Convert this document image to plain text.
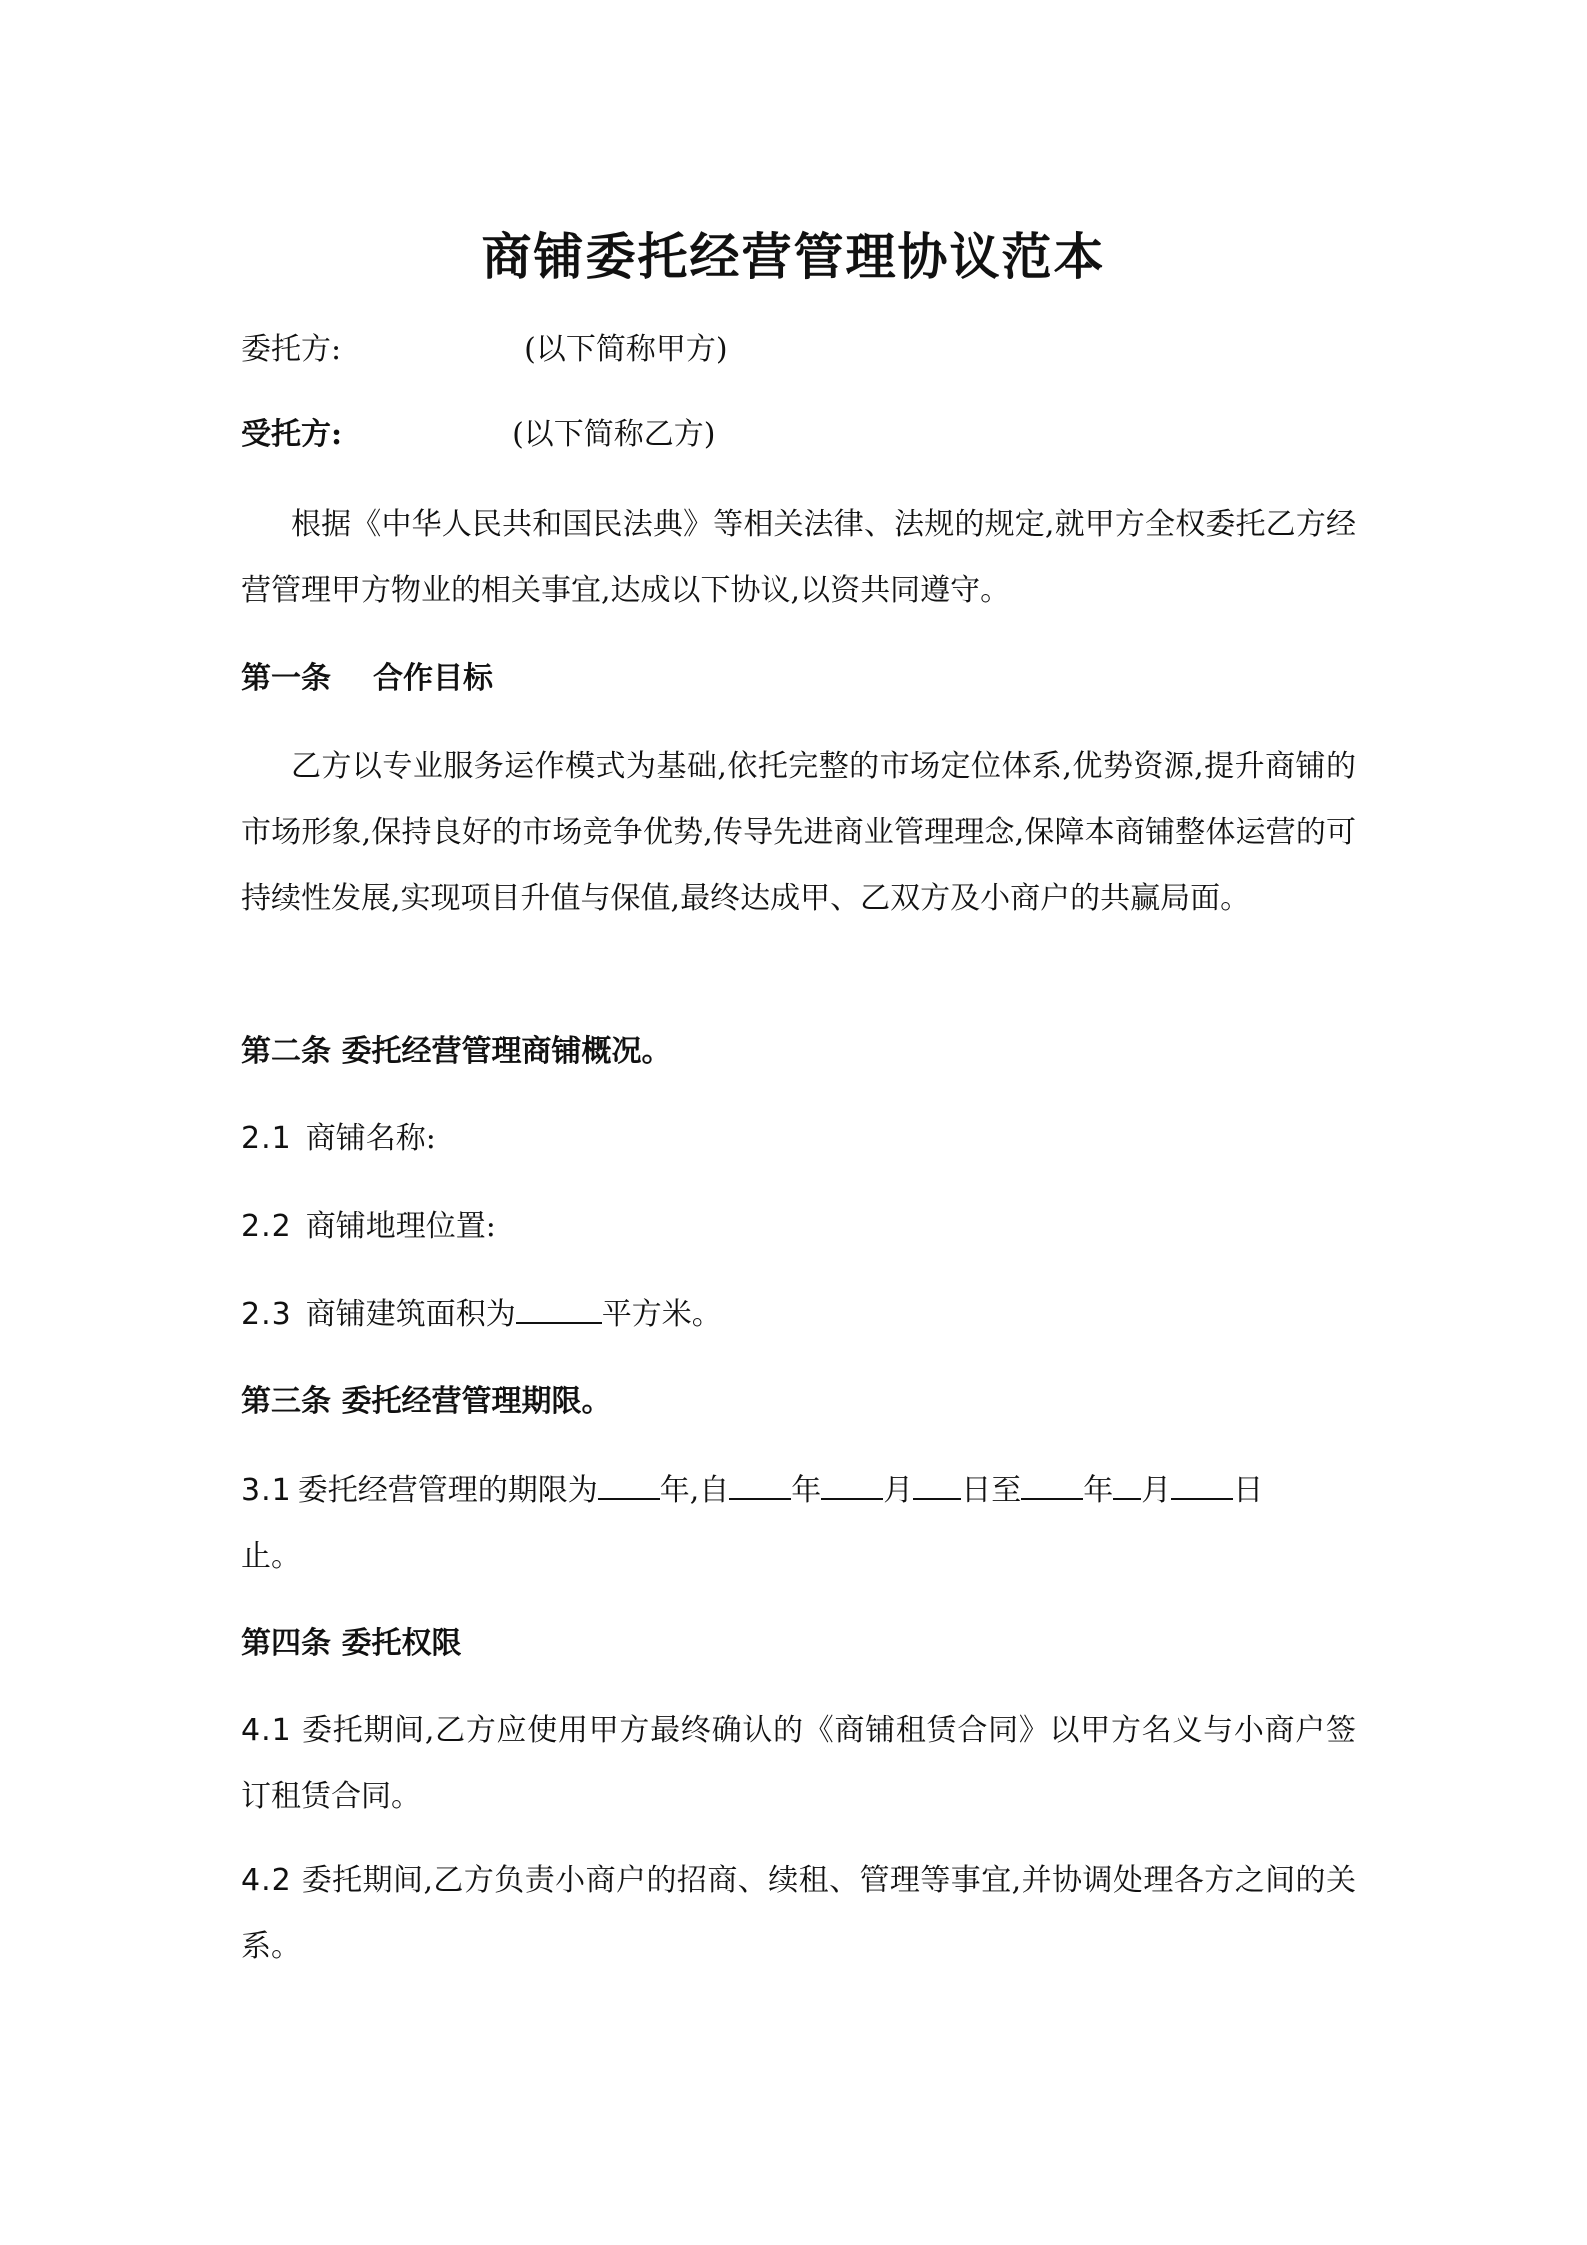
商铺委托经营管理协议范本
委托方:	(以下简称甲方)
受托方:	(以下简称乙方)
根据《中华人民共和国民法典》等相关法律、法规的规定,就甲方全权委托乙方经营管理甲方物业的相关事宜,达成以下协议,以资共同遵守。
第一条 合作目标
乙方以专业服务运作模式为基础,依托完整的市场定位体系,优势资源,提升商铺的市场形象,保持良好的市场竞争优势,传导先进商业管理理念,保障本商铺整体运营的可持续性发展,实现项目升值与保值,最终达成甲、乙双方及小商户的共赢局面。
第二条 委托经营管理商铺概况。
2.1 商铺名称:
2.2 商铺地理位置:
2.3 商铺建筑面积为	平方米。
第三条 委托经营管理期限。
3.1 委托经营管理的期限为 年,自 年 月 日至 年 月 日
止。
第四条 委托权限
4.1 委托期间,乙方应使用甲方最终确认的《商铺租赁合同》以甲方名义与小商户签订租赁合同。
4.2 委托期间,乙方负责小商户的招商、续租、管理等事宜,并协调处理各方之间的关系。
